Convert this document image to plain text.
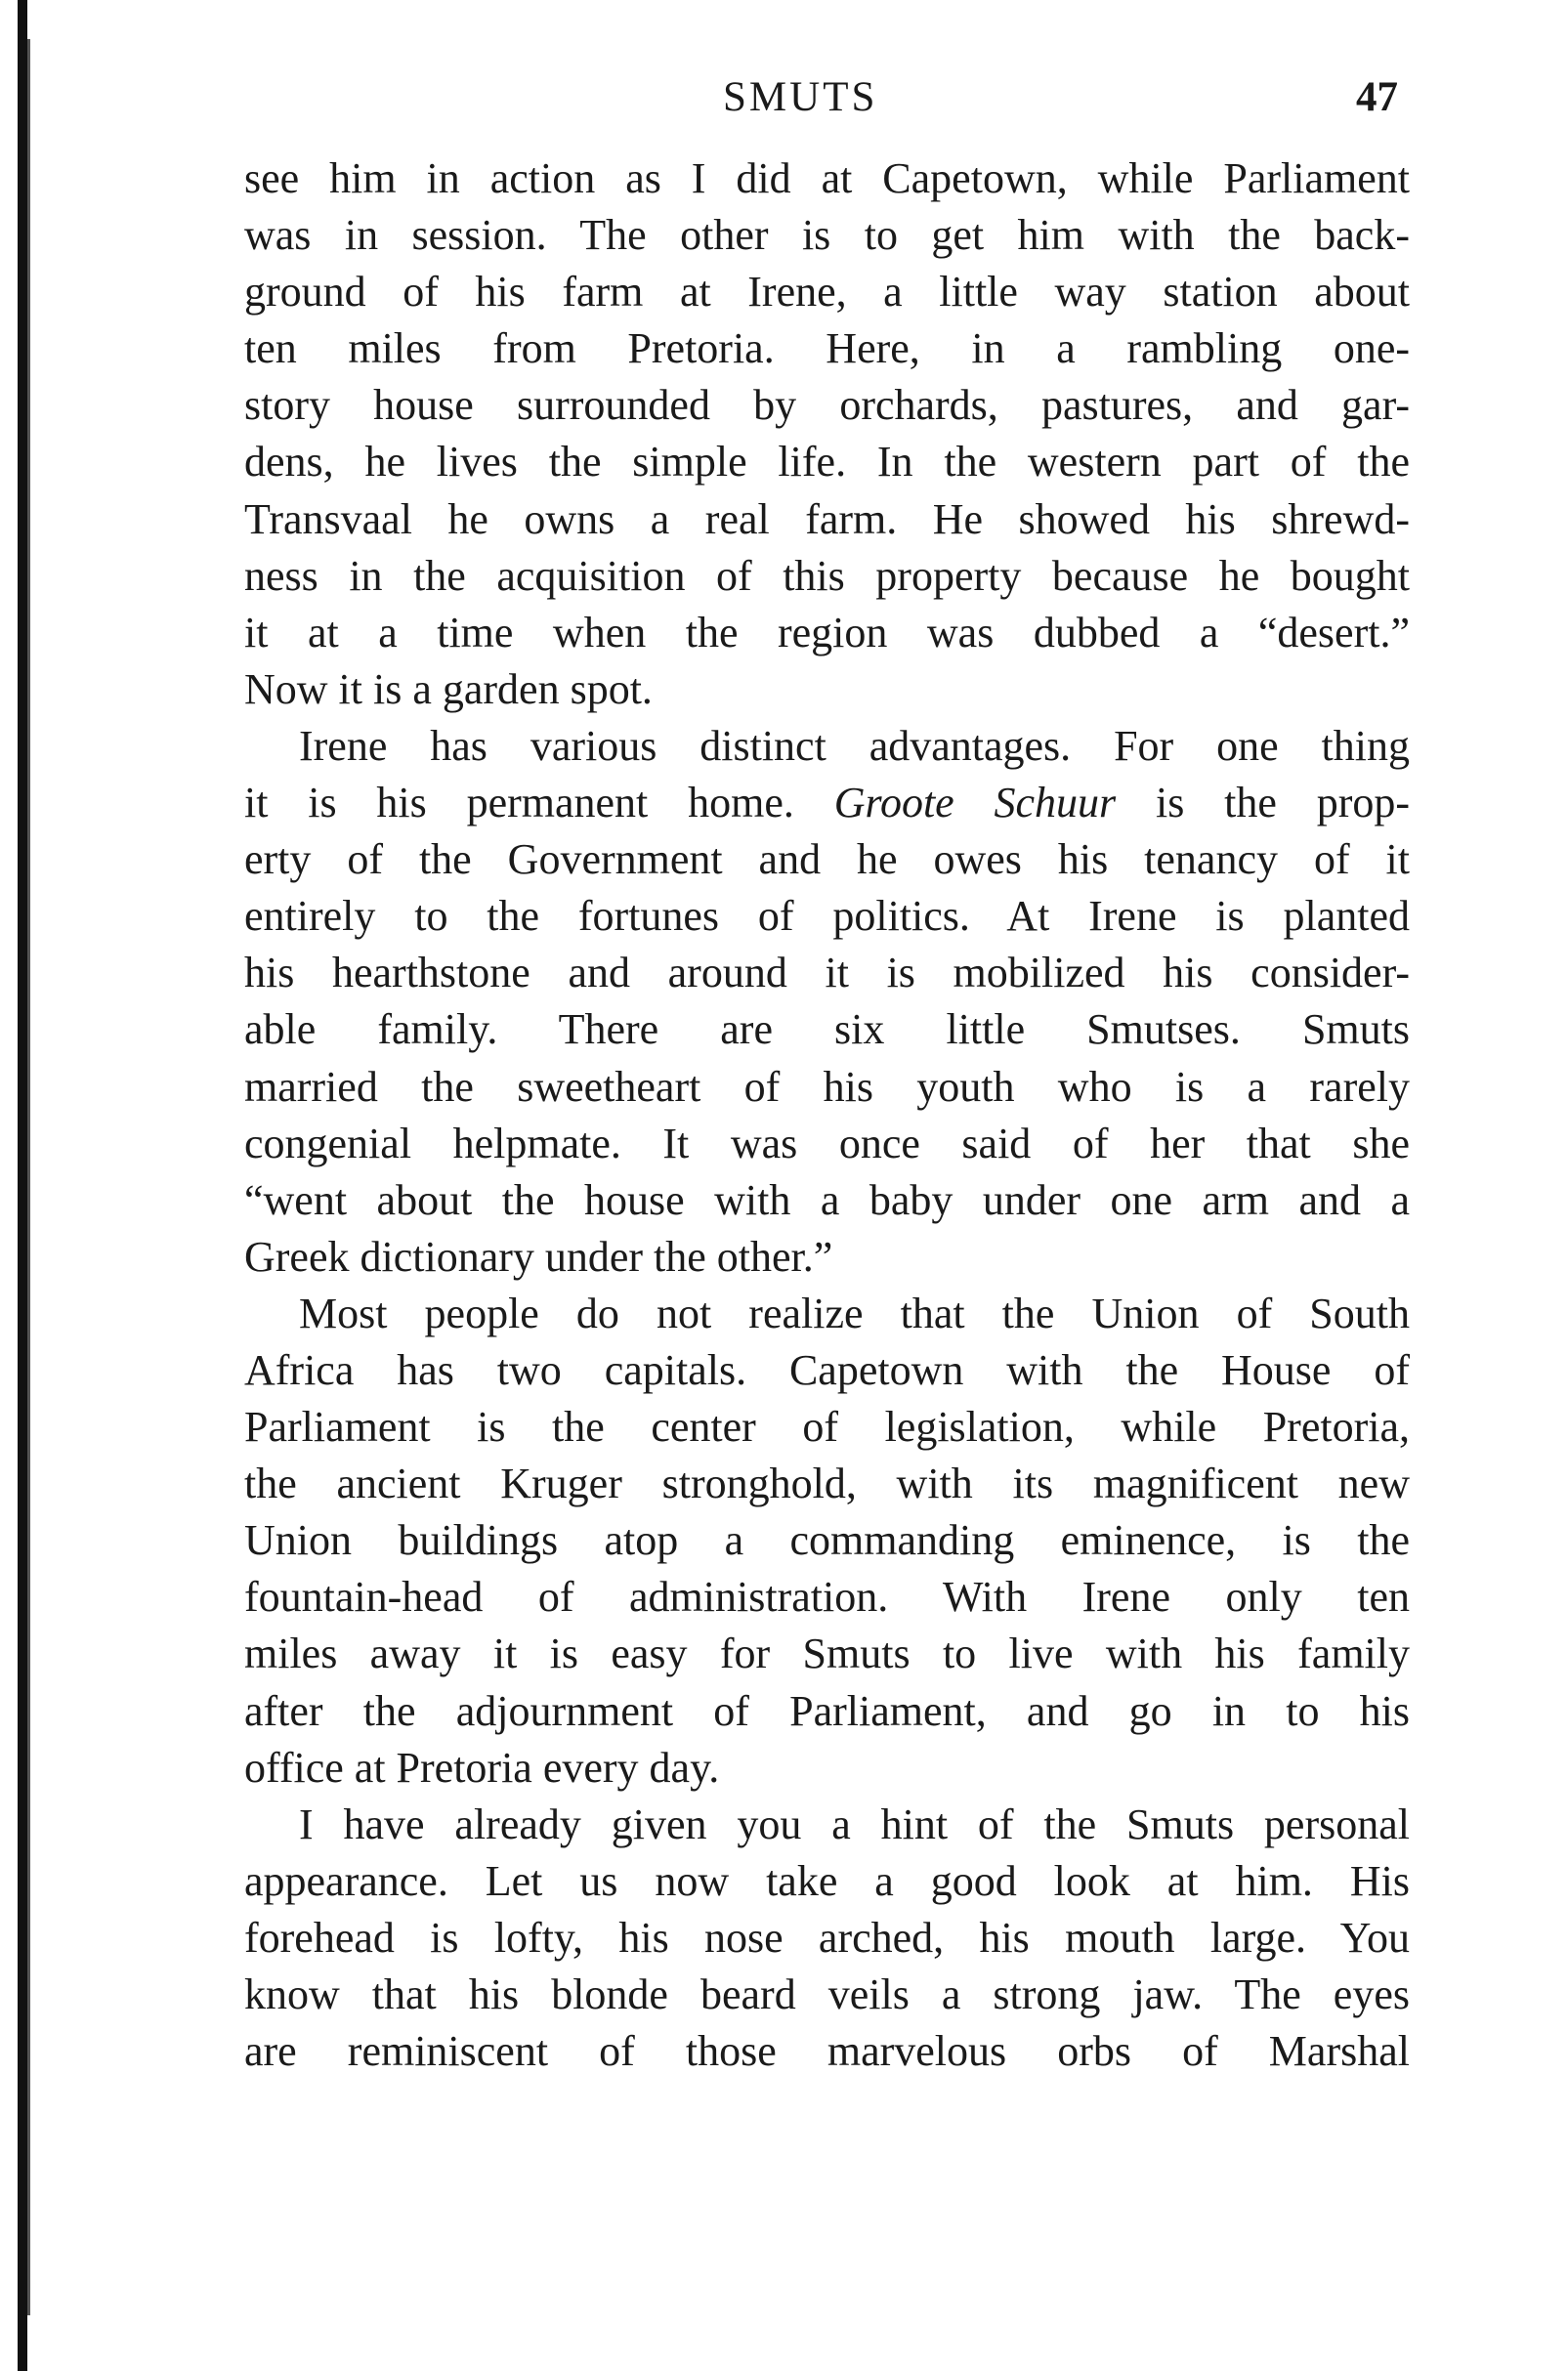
SMUTS	47
see him in action as I did at Capetown, while Parliament
was in session. The other is to get him with the back-
ground of his farm at Irene, a little way station about
ten miles from Pretoria. Here, in a rambling one-
story house surrounded by orchards, pastures, and gar-
dens, he lives the simple life. In the western part of the
Transvaal he owns a real farm. He showed his shrewd-
ness in the acquisition of this property because he bought
it at a time when the region was dubbed a “desert.”
Now it is a garden spot.
Irene has various distinct advantages. For one thing
it is his permanent home. Groote Schuur is the prop-
erty of the Government and he owes his tenancy of it
entirely to the fortunes of politics. At Irene is planted
his hearthstone and around it is mobilized his consider-
able family. There are six little Smutses. Smuts
married the sweetheart of his youth who is a rarely
congenial helpmate. It was once said of her that she
“went about the house with a baby under one arm and a
Greek dictionary under the other.”
Most people do not realize that the Union of South
Africa has two capitals. Capetown with the House of
Parliament is the center of legislation, while Pretoria,
the ancient Kruger stronghold, with its magnificent new
Union buildings atop a commanding eminence, is the
fountain-head of administration. With Irene only ten
miles away it is easy for Smuts to live with his family
after the adjournment of Parliament, and go in to his
office at Pretoria every day.
I have already given you a hint of the Smuts personal
appearance. Let us now take a good look at him. His
forehead is lofty, his nose arched, his mouth large. You
know that his blonde beard veils a strong jaw. The eyes
are reminiscent of those marvelous orbs of Marshal
